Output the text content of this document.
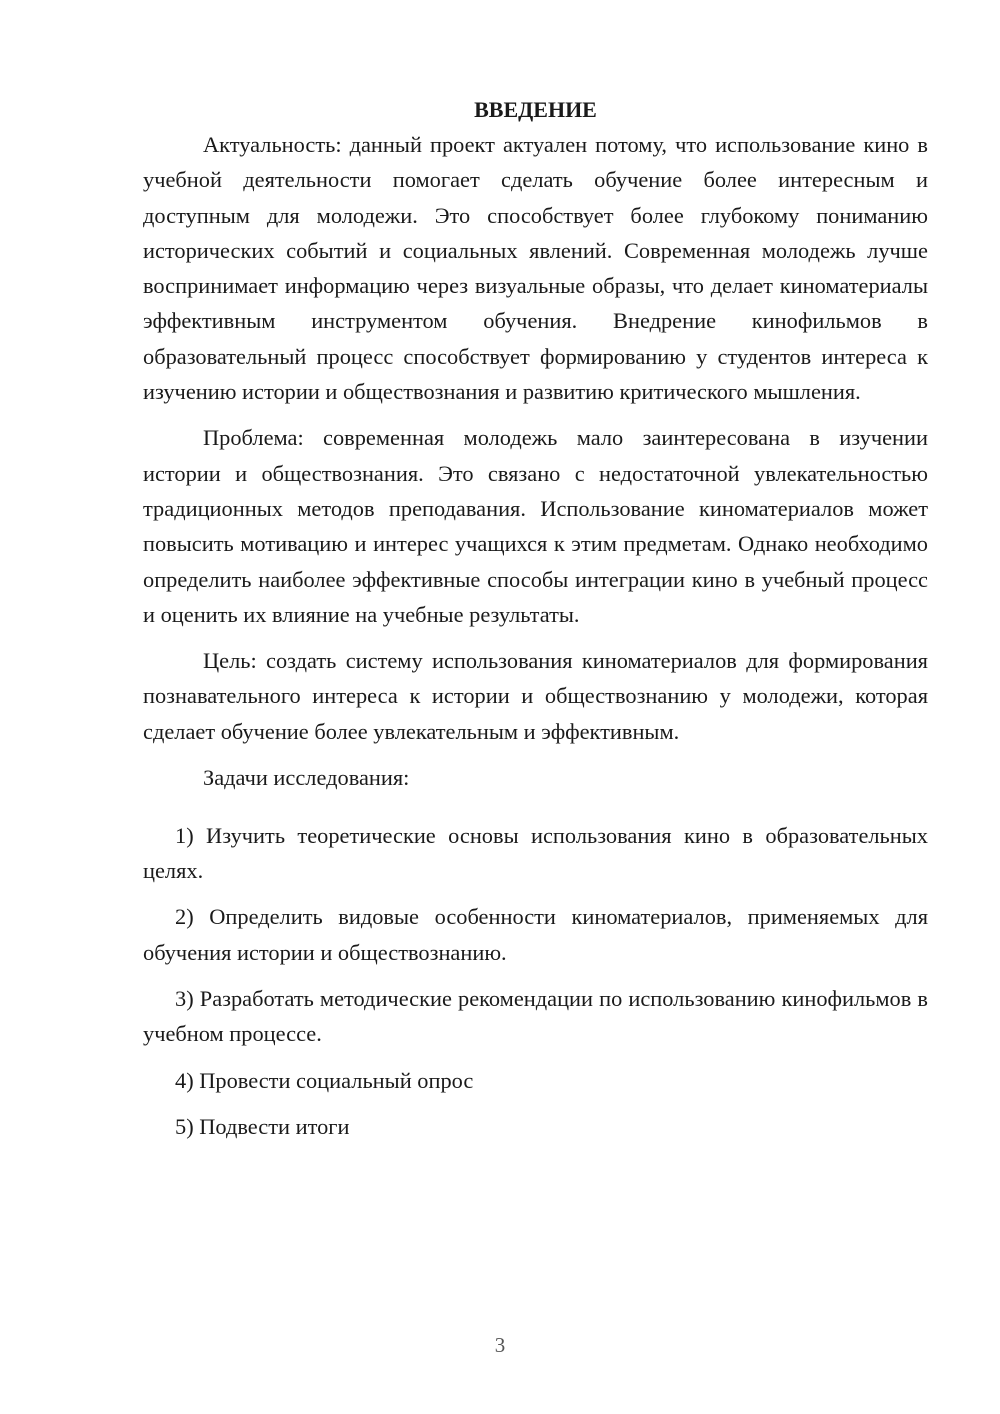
ВВЕДЕНИЕ

Актуальность: данный проект актуален потому, что использование кино в учебной деятельности помогает сделать обучение более интересным и доступным для молодежи. Это способствует более глубокому пониманию исторических событий и социальных явлений. Современная молодежь лучше воспринимает информацию через визуальные образы, что делает киноматериалы эффективным инструментом обучения. Внедрение кинофильмов в образовательный процесс способствует формированию у студентов интереса к изучению истории и обществознания и развитию критического мышления.

Проблема: современная молодежь мало заинтересована в изучении истории и обществознания. Это связано с недостаточной увлекательностью традиционных методов преподавания. Использование киноматериалов может повысить мотивацию и интерес учащихся к этим предметам. Однако необходимо определить наиболее эффективные способы интеграции кино в учебный процесс и оценить их влияние на учебные результаты.

Цель: создать систему использования киноматериалов для формирования познавательного интереса к истории и обществознанию у молодежи, которая сделает обучение более увлекательным и эффективным.

Задачи исследования:

1) Изучить теоретические основы использования кино в образовательных целях.
2) Определить видовые особенности киноматериалов, применяемых для обучения истории и обществознанию.
3) Разработать методические рекомендации по использованию кинофильмов в учебном процессе.
4) Провести социальный опрос
5) Подвести итоги
3
